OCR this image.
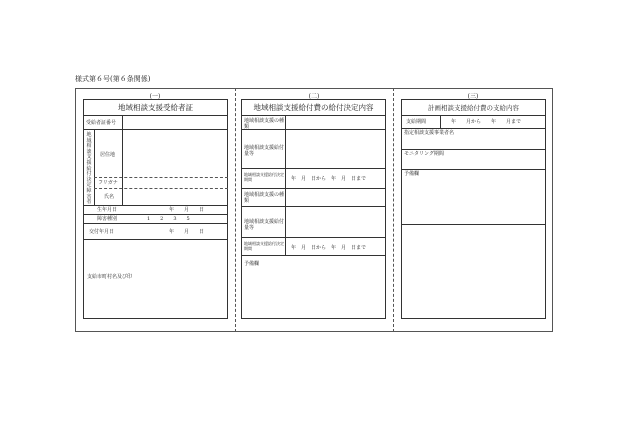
様式第６号(第６条関係)
(一)	(二)	(三)
地域相談支援受給者証
受給者証番号
地域相談支援給付決定障害者
居住地
フリガナ
氏名
生年月日	年　　月　　日
障害種別	1　　2　　3　　5
交付年月日	年　　月　　日
支給市町村名及び印
地域相談支援給付費の給付決定内容
地域相談支援の種類
地域相談支援給付量等
地域相談支援給付決定期間	年　月　日から　年　月　日まで
地域相談支援の種類
地域相談支援給付量等
地域相談支援給付決定期間	年　月　日から　年　月　日まで
予備欄
計画相談支援給付費の支給内容
支給期間	年　　月から　　年　　月まで
指定相談支援事業者名
モニタリング期間
予備欄
